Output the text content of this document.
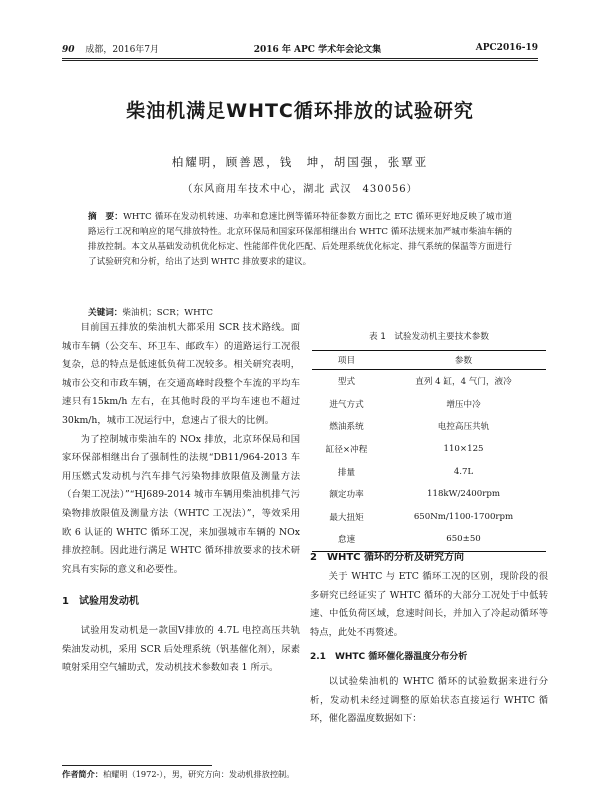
90 成都，2016年7月	2016 年 APC 学术年会论文集	APC2016-19
柴油机满足WHTC循环排放的试验研究
柏耀明，顾善恩，钱　坤，胡国强，张覃亚
（东风商用车技术中心，湖北 武汉　430056）
摘　要：WHTC 循环在发动机转速、功率和怠速比例等循环特征参数方面比之 ETC 循环更好地反映了城市道路运行工况和响应的尾气排放特性。北京环保局和国家环保部相继出台 WHTC 循环法规来加严城市柴油车辆的排放控制。本文从基础发动机优化标定、性能部件优化匹配、后处理系统优化标定、排气系统的保温等方面进行了试验研究和分析，给出了达到 WHTC 排放要求的建议。
关键词：柴油机；SCR；WHTC

目前国五排放的柴油机大都采用 SCR 技术路线。面城市车辆（公交车、环卫车、邮政车）的道路运行工况很复杂，总的特点是低速低负荷工况较多。相关研究表明，城市公交和市政车辆，在交通高峰时段整个车流的平均车速只有15km/h 左右，在其他时段的平均车速也不超过30km/h，城市工况运行中，怠速占了很大的比例。

为了控制城市柴油车的 NOx 排放，北京环保局和国家环保部相继出台了强制性的法规“DB11/964-2013 车用压燃式发动机与汽车排气污染物排放限值及测量方法（台架工况法）”“HJ689-2014 城市车辆用柴油机排气污染物排放限值及测量方法（WHTC 工况法）”，等效采用欧 6 认证的 WHTC 循环工况，来加强城市车辆的 NOx 排放控制。因此进行满足 WHTC 循环排放要求的技术研究具有实际的意义和必要性。

1　试验用发动机

试验用发动机是一款国Ⅴ排放的 4.7L 电控高压共轨柴油发动机，采用 SCR 后处理系统（钒基催化剂），尿素喷射采用空气辅助式，发动机技术参数如表 1 所示。

表 1　试验发动机主要技术参数
项目	参数
型式	直列 4 缸，4 气门，液冷
进气方式	增压中冷
燃油系统	电控高压共轨
缸径×冲程	110×125
排量	4.7L
额定功率	118kW/2400rpm
最大扭矩	650Nm/1100-1700rpm
怠速	650±50
2　WHTC 循环的分析及研究方向

关于 WHTC 与 ETC 循环工况的区别，现阶段的很多研究已经证实了 WHTC 循环的大部分工况处于中低转速、中低负荷区域，怠速时间长，并加入了冷起动循环等特点，此处不再赘述。

2.1　WHTC 循环催化器温度分布分析

以试验柴油机的 WHTC 循环的试验数据来进行分析，发动机未经过调整的原始状态直接运行 WHTC 循环，催化器温度数据如下：

作者简介：柏耀明（1972-），男，研究方向：发动机排放控制。
